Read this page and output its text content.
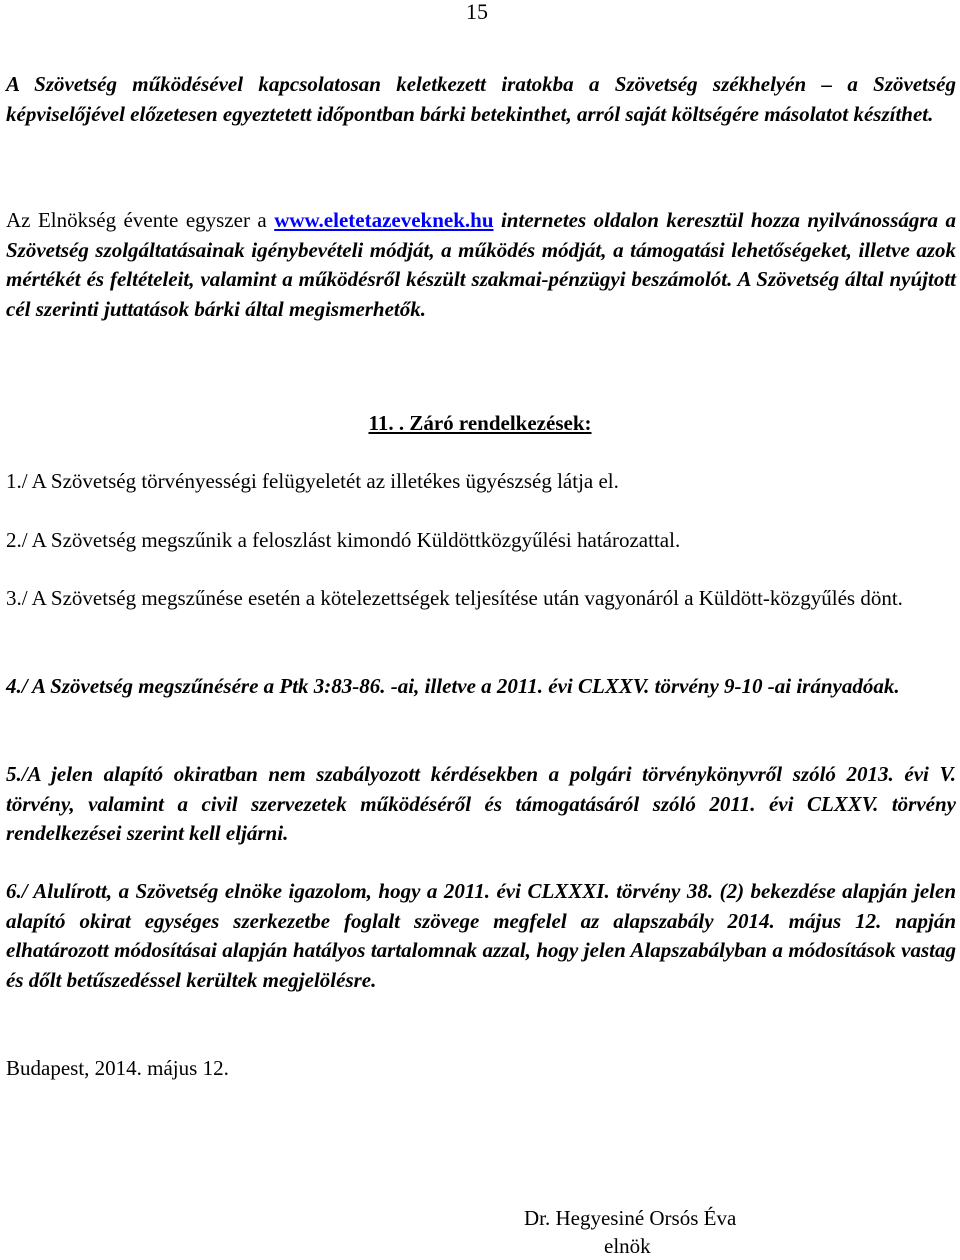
15
A Szövetség működésével kapcsolatosan keletkezett iratokba a Szövetség székhelyén – a Szövetség képviselőjével előzetesen egyeztetett időpontban bárki betekinthet, arról saját költségére másolatot készíthet.
Az Elnökség évente egyszer a www.eletetazeveknek.hu internetes oldalon keresztül hozza nyilvánosságra a Szövetség szolgáltatásainak igénybevételi módját, a működés módját, a támogatási lehetőségeket, illetve azok mértékét és feltételeit, valamint a működésről készült szakmai-pénzügyi beszámolót. A Szövetség által nyújtott cél szerinti juttatások bárki által megismerhetők.
11. . Záró rendelkezések:
1./ A Szövetség törvényességi felügyeletét az illetékes ügyészség látja el.
2./ A Szövetség megszűnik a feloszlást kimondó Küldöttközgyűlési határozattal.
3./ A Szövetség megszűnése esetén a kötelezettségek teljesítése után vagyonáról a Küldött-közgyűlés dönt.
4./ A Szövetség megszűnésére a Ptk 3:83-86. -ai, illetve a 2011. évi CLXXV. törvény 9-10 -ai irányadóak.
5./A jelen alapító okiratban nem szabályozott kérdésekben a polgári törvénykönyvről szóló 2013. évi V. törvény, valamint a civil szervezetek működéséről és támogatásáról szóló 2011. évi CLXXV. törvény rendelkezései szerint kell eljárni.
6./ Alulírott, a Szövetség elnöke igazolom, hogy a 2011. évi CLXXXI. törvény 38. (2) bekezdése alapján jelen alapító okirat egységes szerkezetbe foglalt szövege megfelel az alapszabály 2014. május 12. napján elhatározott módosításai alapján hatályos tartalomnak azzal, hogy jelen Alapszabályban a módosítások vastag és dőlt betűszedéssel kerültek megjelölésre.
Budapest, 2014. május 12.
Dr. Hegyesiné Orsós Éva
elnök
